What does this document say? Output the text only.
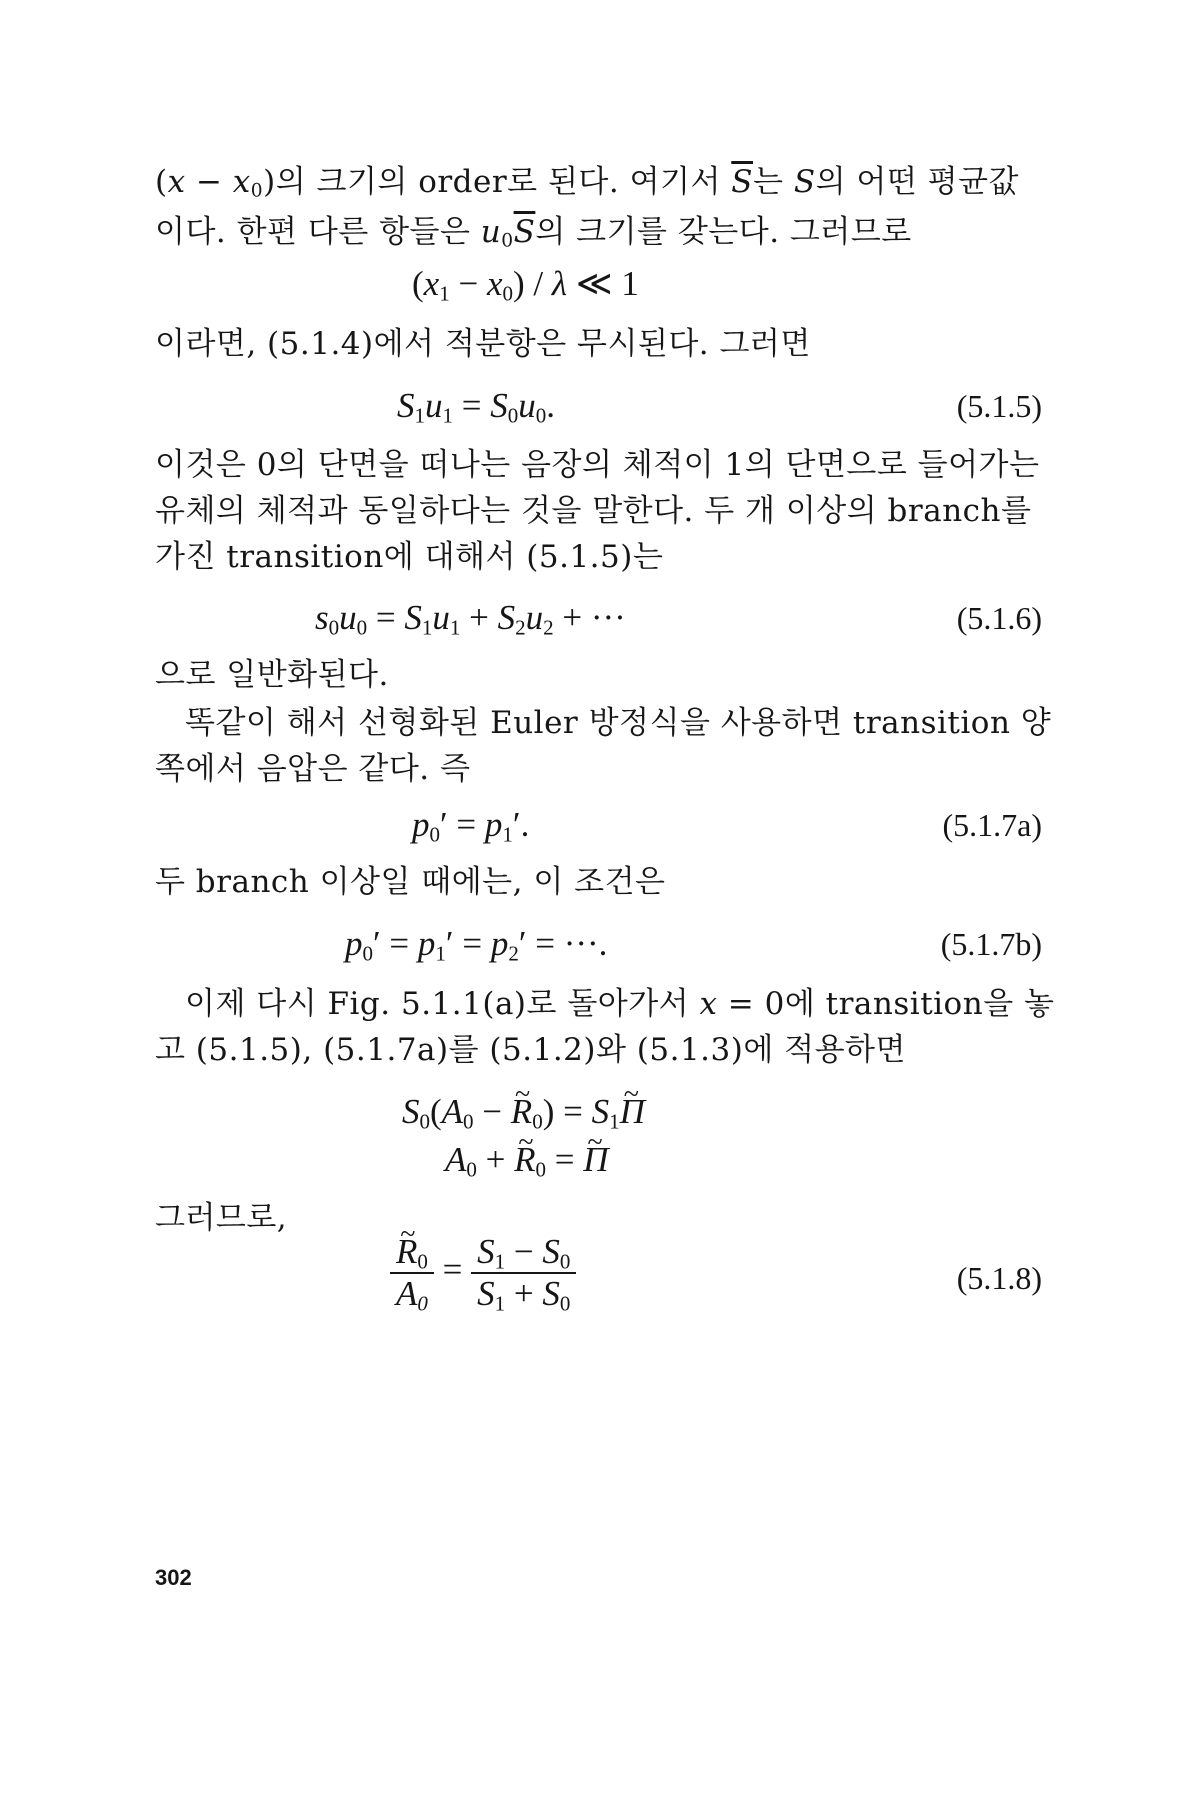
$(x - x_0)$의 크기의 order로 된다. 여기서 $\overline{S}$는 S의 어떤 평균값
이다. 한편 다른 항들은 $u_0\overline{S}$의 크기를 갖는다. 그러므로
$(x_1 - x_0) / \lambda$ ≪ 1
이라면, (5.1.4)에서 적분항은 무시된다. 그러면
$S_1u_1 = S_0u_0$.	(5.1.5)
이것은 0의 단면을 떠나는 음장의 체적이 1의 단면으로 들어가는
유체의 체적과 동일하다는 것을 말한다. 두 개 이상의 branch를
가진 transition에 대해서 (5.1.5)는
$s_0u_0 = S_1u_1 + S_2u_2$ + ···	(5.1.6)
으로 일반화된다.
똑같이 해서 선형화된 Euler 방정식을 사용하면 transition 양
쪽에서 음압은 같다. 즉
$p_0' = p_1'$.	(5.1.7a)
두 branch 이상일 때에는, 이 조건은
$p_0' = p_1' = p_2'$ = ···.	(5.1.7b)
이제 다시 Fig. 5.1.1(a)로 돌아가서 x = 0에 transition을 놓
고 (5.1.5), (5.1.7a)를 (5.1.2)와 (5.1.3)에 적용하면
$S_0(A_0$ − ~ $R_0$) = $S_1\sim$ Π
$A_0$ + ~ $R_0$ = ~ Π
그러므로,
~ $\frac{R_0}{A_0} = \frac{S_1 - S_0}{S_1 + S_0}$	(5.1.8)
302
